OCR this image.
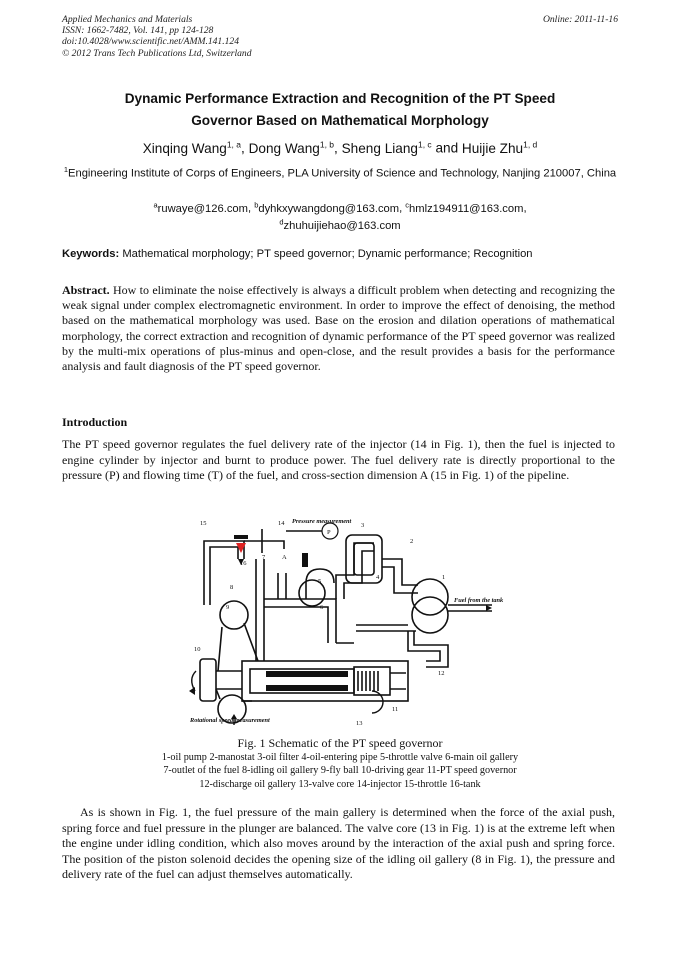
Applied Mechanics and Materials
ISSN: 1662-7482, Vol. 141, pp 124-128
doi:10.4028/www.scientific.net/AMM.141.124
© 2012 Trans Tech Publications Ltd, Switzerland
Online: 2011-11-16
Dynamic Performance Extraction and Recognition of the PT Speed
Governor Based on Mathematical Morphology
Xinqing Wang$^{1, a}$, Dong Wang$^{1, b}$, Sheng Liang$^{1, c}$ and Huijie Zhu$^{1, d}$
$^1$Engineering Institute of Corps of Engineers, PLA University of Science and Technology, Nanjing 210007, China
$^a$ruwaye@126.com, $^b$dyhkxywangdong@163.com, $^c$hmlz194911@163.com,
$^d$zhuhuijiehao@163.com
Keywords: Mathematical morphology; PT speed governor; Dynamic performance; Recognition
Abstract. How to eliminate the noise effectively is always a difficult problem when detecting and recognizing the weak signal under complex electromagnetic environment. In order to improve the effect of denoising, the method based on the mathematical morphology was used. Base on the erosion and dilation operations of mathematical morphology, the correct extraction and recognition of dynamic performance of the PT speed governor was realized by the multi-mix operations of plus-minus and open-close, and the result provides a basis for the performance analysis and fault diagnosis of the PT speed governor.
Introduction
The PT speed governor regulates the fuel delivery rate of the injector (14 in Fig. 1), then the fuel is injected to engine cylinder by injector and burnt to produce power. The fuel delivery rate is directly proportional to the pressure (P) and flowing time (T) of the fuel, and cross-section dimension A (15 in Fig. 1) of the pipeline.
Pressure measurement
Rotational speed measurement
Fuel from the tank
P
A
3
2
1
4
5
6
7
8
9
10
11
12
13
14
15
16
Fig. 1 Schematic of the PT speed governor
1-oil pump 2-manostat 3-oil filter 4-oil-entering pipe 5-throttle valve 6-main oil gallery
7-outlet of the fuel 8-idling oil gallery 9-fly ball 10-driving gear 11-PT speed governor
12-discharge oil gallery 13-valve core 14-injector 15-throttle 16-tank
As is shown in Fig. 1, the fuel pressure of the main gallery is determined when the force of the axial push, spring force and fuel pressure in the plunger are balanced. The valve core (13 in Fig. 1) is at the extreme left when the engine under idling condition, which also moves around by the interaction of the axial push and spring force. The position of the piston solenoid decides the opening size of the idling oil gallery (8 in Fig. 1), the pressure and delivery rate of the fuel can adjust themselves automatically.
